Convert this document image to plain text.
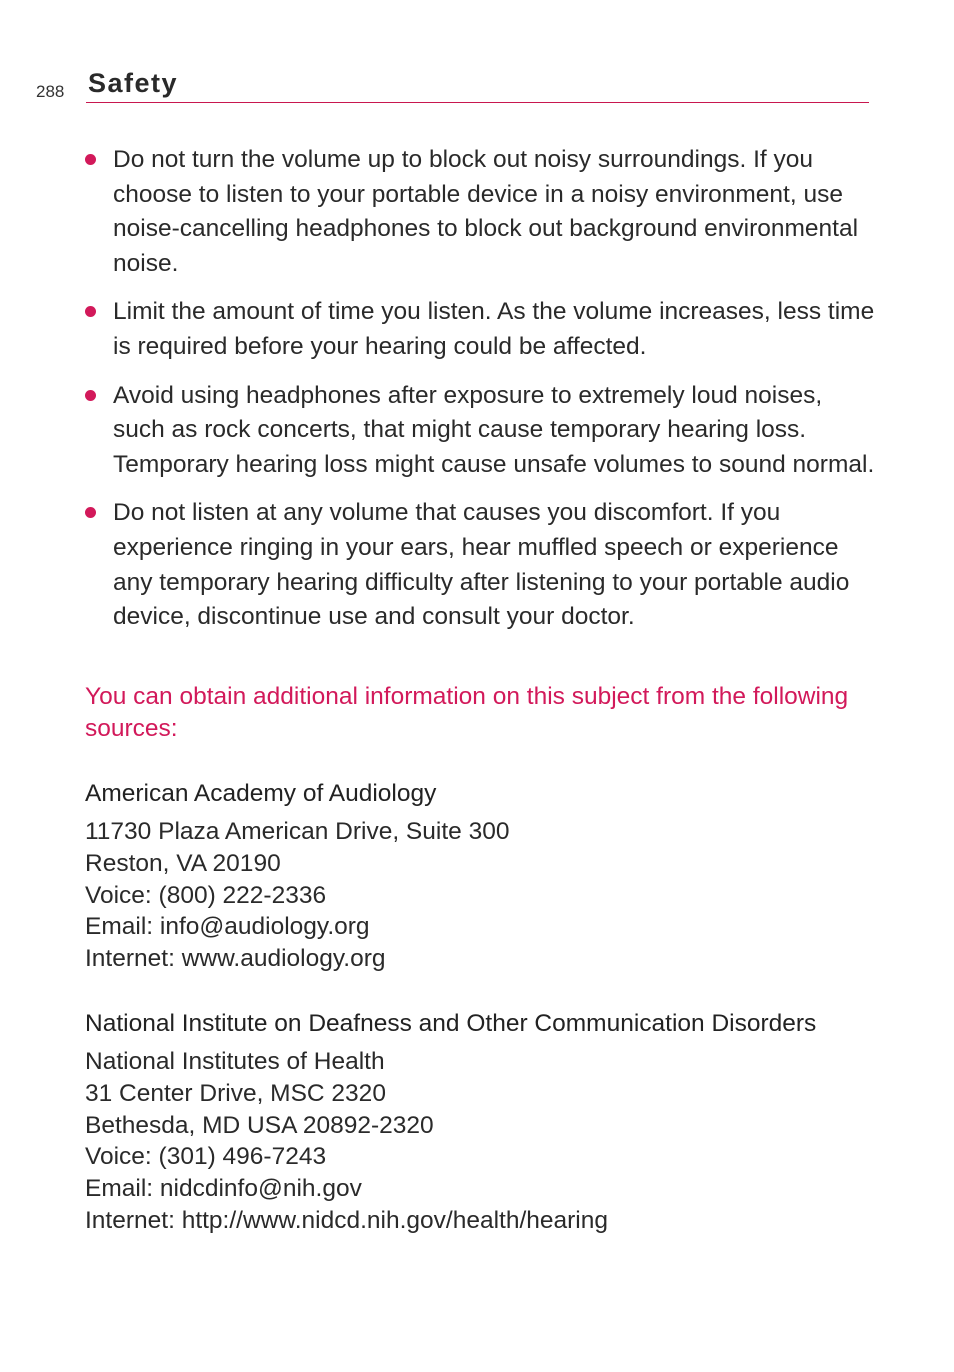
288 Safety
Do not turn the volume up to block out noisy surroundings. If you choose to listen to your portable device in a noisy environment, use noise-cancelling headphones to block out background environmental noise.
Limit the amount of time you listen. As the volume increases, less time is required before your hearing could be affected.
Avoid using headphones after exposure to extremely loud noises, such as rock concerts, that might cause temporary hearing loss. Temporary hearing loss might cause unsafe volumes to sound normal.
Do not listen at any volume that causes you discomfort. If you experience ringing in your ears, hear muffled speech or experience any temporary hearing difficulty after listening to your portable audio device, discontinue use and consult your doctor.
You can obtain additional information on this subject from the following sources:
American Academy of Audiology
11730 Plaza American Drive, Suite 300
Reston, VA 20190
Voice: (800) 222-2336
Email: info@audiology.org
Internet: www.audiology.org
National Institute on Deafness and Other Communication Disorders
National Institutes of Health
31 Center Drive, MSC 2320
Bethesda, MD USA 20892-2320
Voice: (301) 496-7243
Email: nidcdinfo@nih.gov
Internet: http://www.nidcd.nih.gov/health/hearing
